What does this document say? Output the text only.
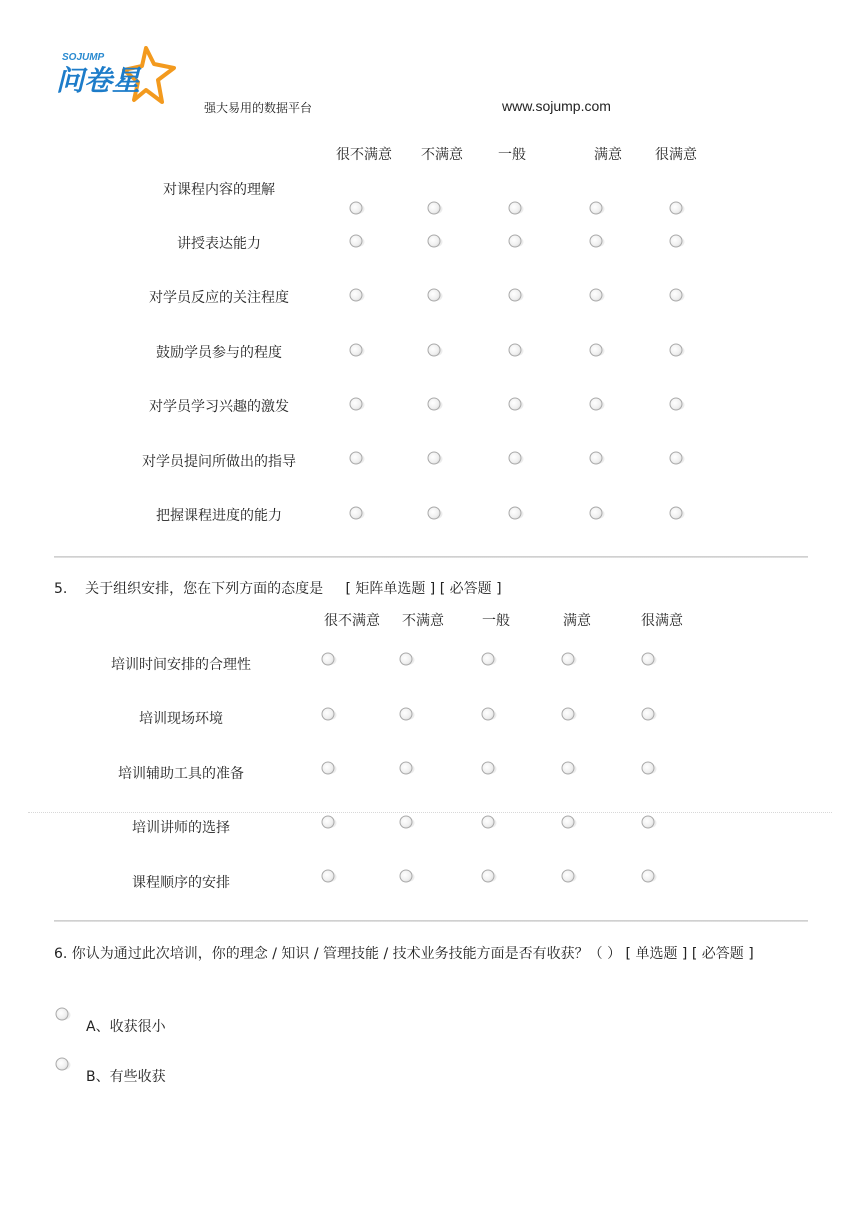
SOJUMP
问卷星
强大易用的数据平台	www.sojump.com
很不满意 不满意	一般	满意 很满意
对课程内容的理解
讲授表达能力
对学员反应的关注程度
鼓励学员参与的程度
对学员学习兴趣的激发
对学员提问所做出的指导
把握课程进度的能力
5. 关于组织安排，您在下列方面的态度是 [ 矩阵单选题 ] [ 必答题 ]
很不满意 不满意	一般	满意	很满意
培训时间安排的合理性
培训现场环境
培训辅助工具的准备
培训讲师的选择
课程顺序的安排
6. 你认为通过此次培训，你的理念 / 知识 / 管理技能 / 技术业务技能方面是否有收获？（ ） [ 单选题 ] [ 必答题 ]
A、收获很小
B、有些收获
